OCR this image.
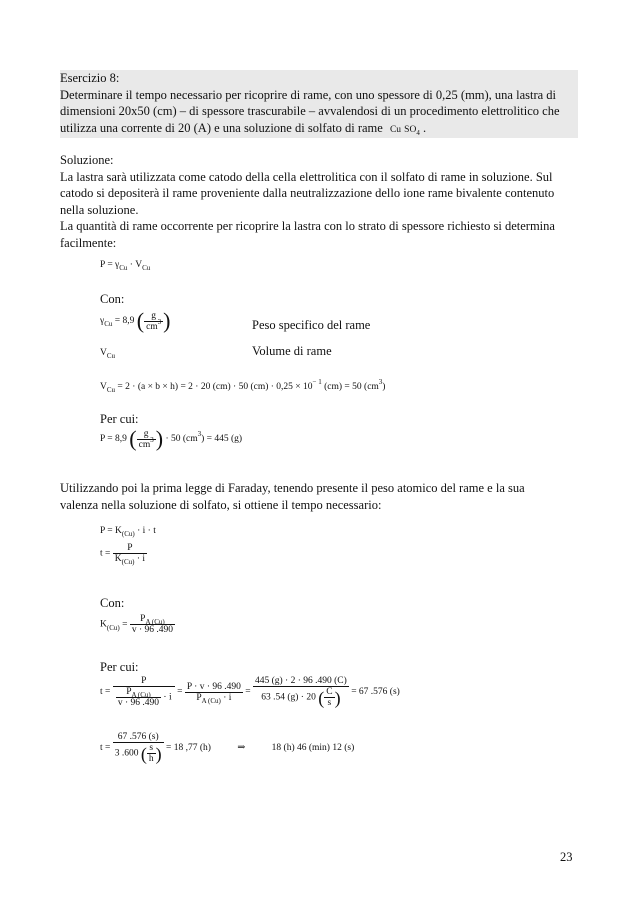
Esercizio 8:
Determinare il tempo necessario per ricoprire di rame, con uno spessore di 0,25 (mm), una lastra di
dimensioni 20x50 (cm) – di spessore trascurabile – avvalendosi di un procedimento elettrolitico che
utilizza una corrente di 20 (A) e una soluzione di solfato di rame Cu $SO_4$ .
Soluzione:
La lastra sarà utilizzata come catodo della cella elettrolitica con il solfato di rame in soluzione. Sul
catodo si depositerà il rame proveniente dalla neutralizzazione dello ione rame bivalente contenuto
nella soluzione.
La quantità di rame occorrente per ricoprire la lastra con lo strato di spessore richiesto si determina
facilmente:
$P = \gamma_{Cu} \cdot V_{Cu}$
Con:
$\gamma_{Cu} = 8,9$ ( $\frac{g}{cm^3}$ )	Peso specifico del rame
$V_{Cu}$	Volume di rame
$V_{Cu} = 2 \cdot (a \times b \times h) = 2 \cdot 20$ (cm) · 50 $(cm) \cdot 0,25 \times 10^{- 1}$ (cm) = 50 $(cm^3)$
Per cui:
P = 8,9 ( $\frac{g}{cm^3}$ ) · 50 $(cm^3) = 445$ (g)
Utilizzando poi la prima legge di Faraday, tenendo presente il peso atomico del rame e la sua
valenza nella soluzione di solfato, si ottiene il tempo necessario:
$P = K_{(Cu)} \cdot i \cdot t$
$t = \frac{P}{K_{(Cu)} \cdot i}$
Con:
$K_{(Cu)} = \frac{P_{A (Cu)}}{v \cdot 96 .490}$
Per cui:
$t = \frac{P}{\frac{P_{A (Cu)}}{v \cdot 96 .490} \cdot i} = \frac{P \cdot v \cdot 96 .490}{P_{A (Cu)} \cdot i} = \frac{445 (g) \cdot 2 \cdot 96 .490 (C)}{63 .54 (g) \cdot 20 ( \frac{C}{s} )} = 67$ .576 (s)
$t = \frac{67 .576 (s)}{3 .600 ( \frac{s}{h} )} = 18$ ,77 (h)	⇒	18 (h) 46 (min) 12 (s)
23
